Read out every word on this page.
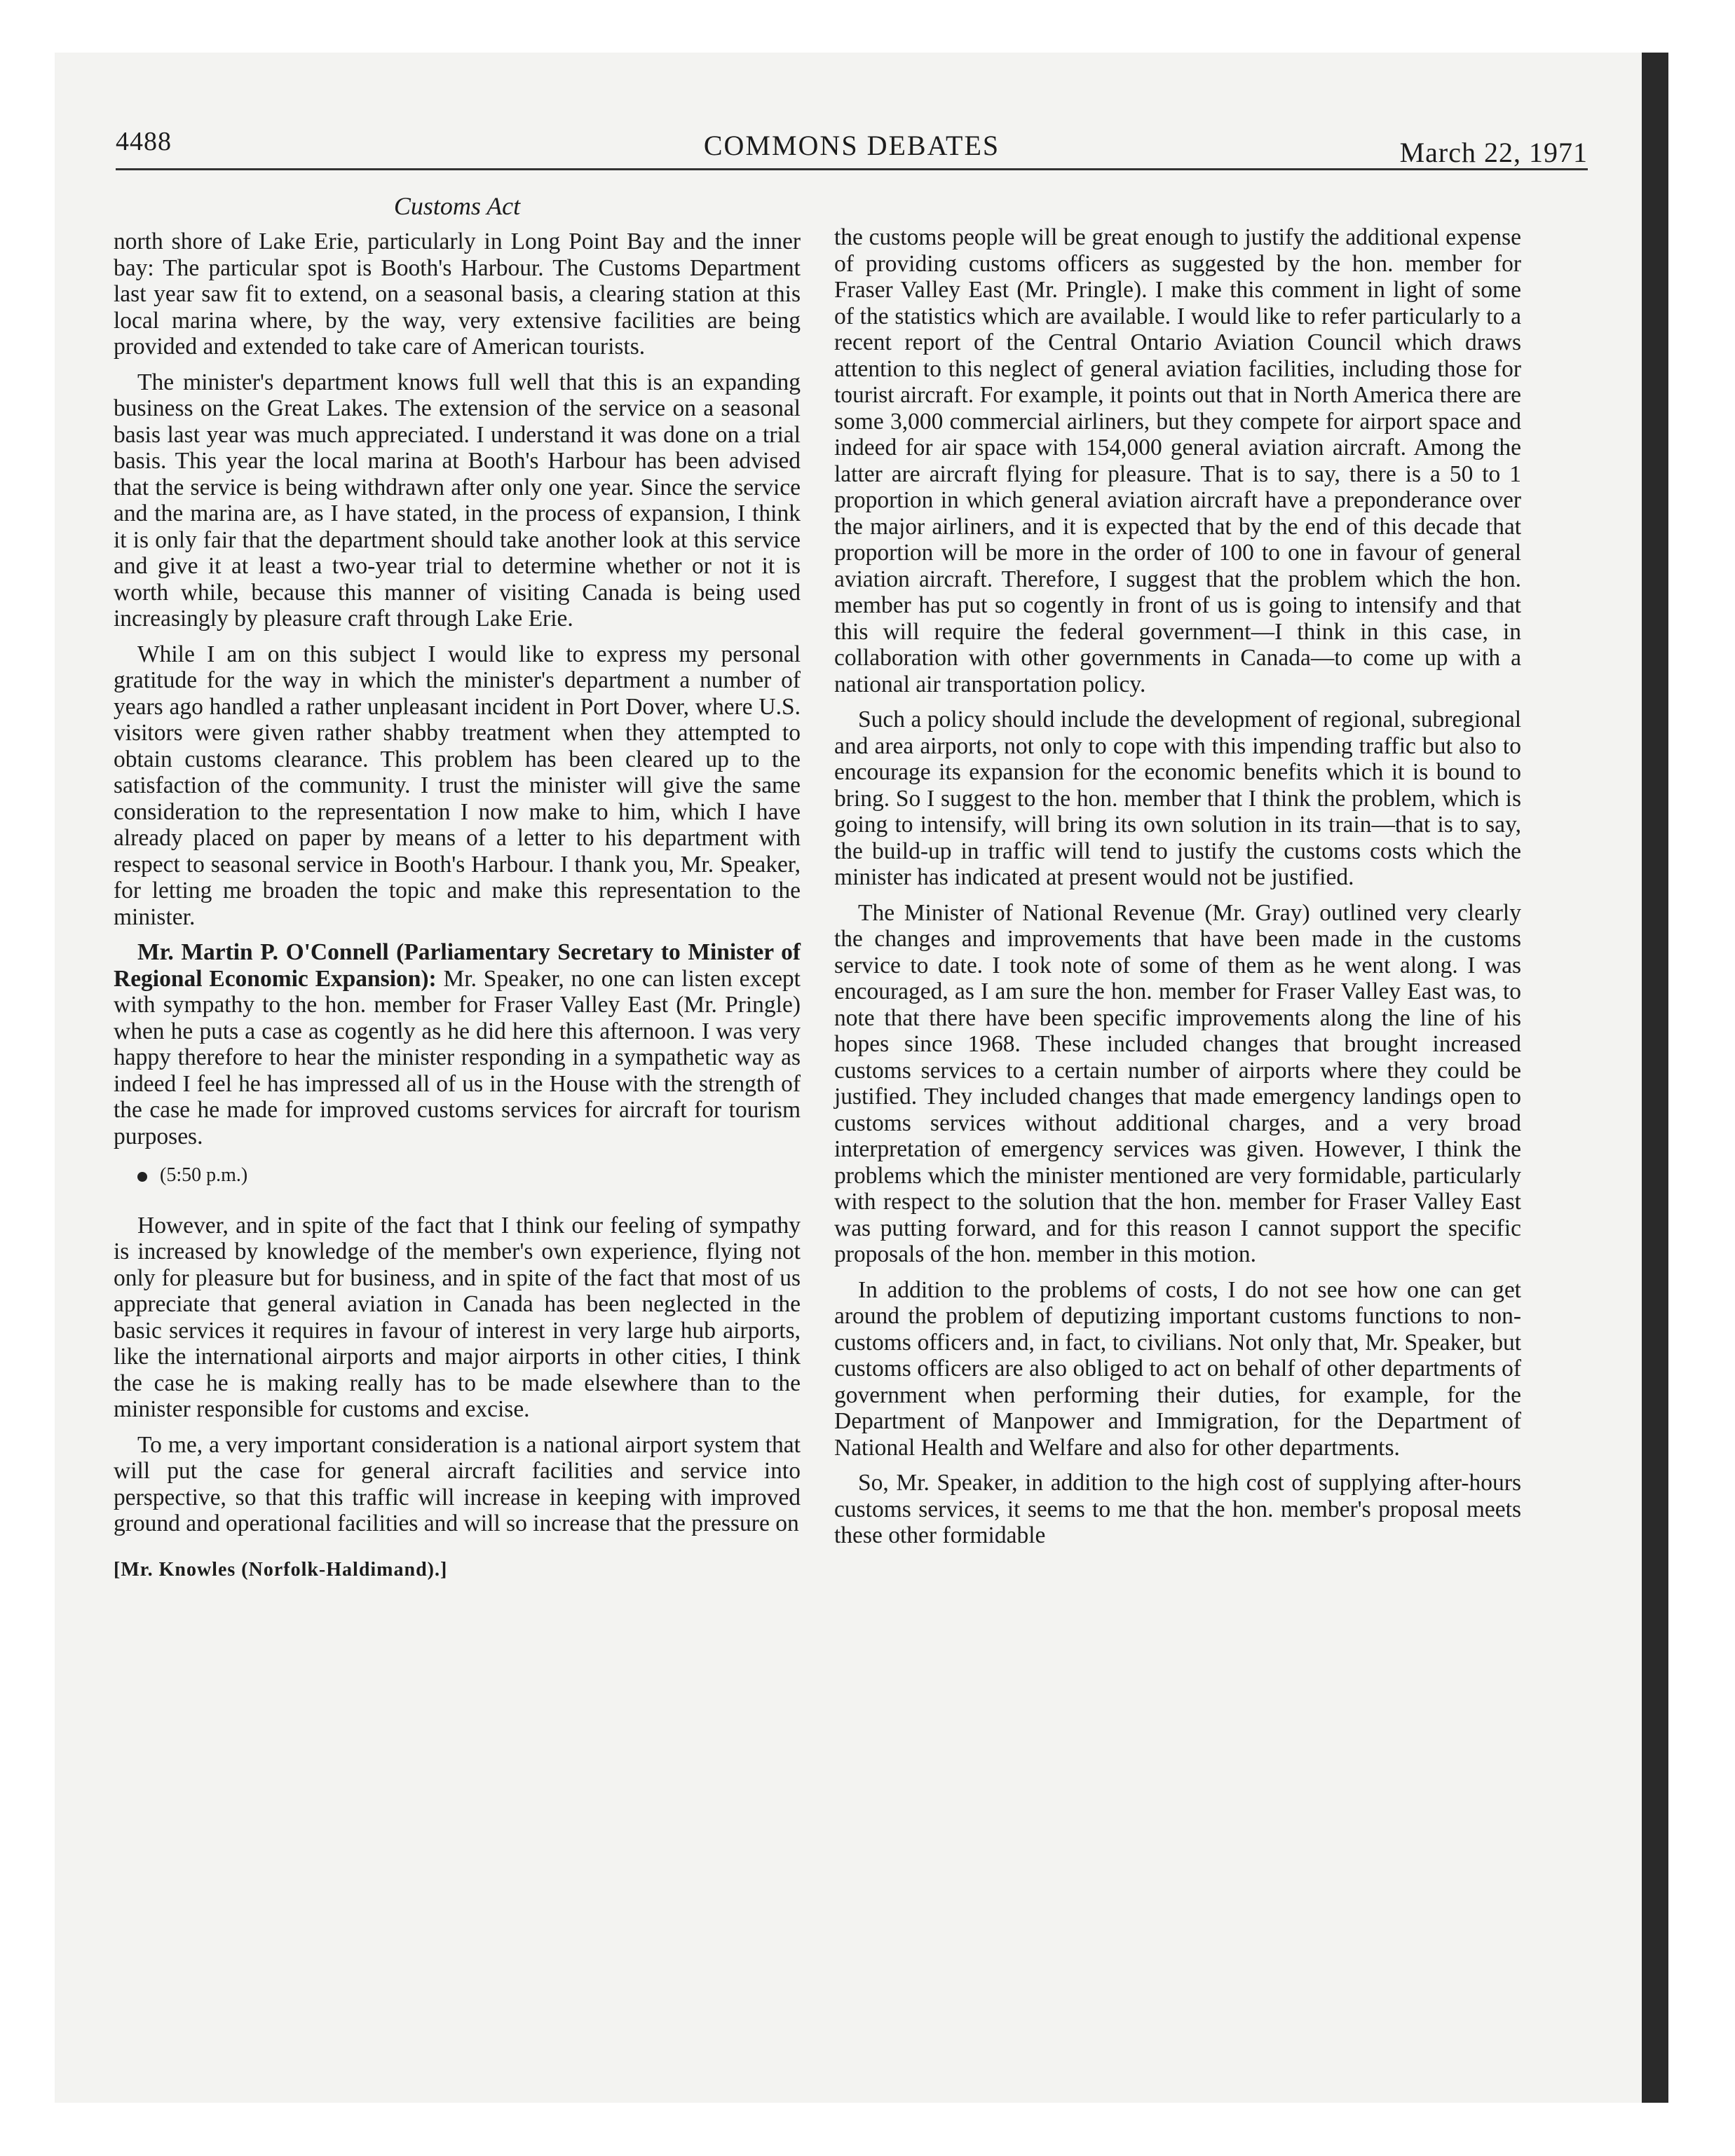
4488	COMMONS DEBATES	March 22, 1971
Customs Act

north shore of Lake Erie, particularly in Long Point Bay and the inner bay: The particular spot is Booth's Harbour. The Customs Department last year saw fit to extend, on a seasonal basis, a clearing station at this local marina where, by the way, very extensive facilities are being provided and extended to take care of American tourists.

The minister's department knows full well that this is an expanding business on the Great Lakes. The extension of the service on a seasonal basis last year was much appreciated. I understand it was done on a trial basis. This year the local marina at Booth's Harbour has been advised that the service is being withdrawn after only one year. Since the service and the marina are, as I have stated, in the process of expansion, I think it is only fair that the department should take another look at this service and give it at least a two-year trial to determine whether or not it is worth while, because this manner of visiting Canada is being used increasingly by pleasure craft through Lake Erie.

While I am on this subject I would like to express my personal gratitude for the way in which the minister's department a number of years ago handled a rather unpleasant incident in Port Dover, where U.S. visitors were given rather shabby treatment when they attempted to obtain customs clearance. This problem has been cleared up to the satisfaction of the community. I trust the minister will give the same consideration to the representation I now make to him, which I have already placed on paper by means of a letter to his department with respect to seasonal service in Booth's Harbour. I thank you, Mr. Speaker, for letting me broaden the topic and make this representation to the minister.

Mr. Martin P. O'Connell (Parliamentary Secretary to Minister of Regional Economic Expansion): Mr. Speaker, no one can listen except with sympathy to the hon. member for Fraser Valley East (Mr. Pringle) when he puts a case as cogently as he did here this afternoon. I was very happy therefore to hear the minister responding in a sympathetic way as indeed I feel he has impressed all of us in the House with the strength of the case he made for improved customs services for aircraft for tourism purposes.

(5:50 p.m.)

However, and in spite of the fact that I think our feeling of sympathy is increased by knowledge of the member's own experience, flying not only for pleasure but for business, and in spite of the fact that most of us appreciate that general aviation in Canada has been neglected in the basic services it requires in favour of interest in very large hub airports, like the international airports and major airports in other cities, I think the case he is making really has to be made elsewhere than to the minister responsible for customs and excise.

To me, a very important consideration is a national airport system that will put the case for general aircraft facilities and service into perspective, so that this traffic will increase in keeping with improved ground and operational facilities and will so increase that the pressure on

[Mr. Knowles (Norfolk-Haldimand).]

the customs people will be great enough to justify the additional expense of providing customs officers as suggested by the hon. member for Fraser Valley East (Mr. Pringle). I make this comment in light of some of the statistics which are available. I would like to refer particularly to a recent report of the Central Ontario Aviation Council which draws attention to this neglect of general aviation facilities, including those for tourist aircraft. For example, it points out that in North America there are some 3,000 commercial airliners, but they compete for airport space and indeed for air space with 154,000 general aviation aircraft. Among the latter are aircraft flying for pleasure. That is to say, there is a 50 to 1 proportion in which general aviation aircraft have a preponderance over the major airliners, and it is expected that by the end of this decade that proportion will be more in the order of 100 to one in favour of general aviation aircraft. Therefore, I suggest that the problem which the hon. member has put so cogently in front of us is going to intensify and that this will require the federal government—I think in this case, in collaboration with other governments in Canada—to come up with a national air transportation policy.

Such a policy should include the development of regional, subregional and area airports, not only to cope with this impending traffic but also to encourage its expansion for the economic benefits which it is bound to bring. So I suggest to the hon. member that I think the problem, which is going to intensify, will bring its own solution in its train—that is to say, the build-up in traffic will tend to justify the customs costs which the minister has indicated at present would not be justified.

The Minister of National Revenue (Mr. Gray) outlined very clearly the changes and improvements that have been made in the customs service to date. I took note of some of them as he went along. I was encouraged, as I am sure the hon. member for Fraser Valley East was, to note that there have been specific improvements along the line of his hopes since 1968. These included changes that brought increased customs services to a certain number of airports where they could be justified. They included changes that made emergency landings open to customs services without additional charges, and a very broad interpretation of emergency services was given. However, I think the problems which the minister mentioned are very formidable, particularly with respect to the solution that the hon. member for Fraser Valley East was putting forward, and for this reason I cannot support the specific proposals of the hon. member in this motion.

In addition to the problems of costs, I do not see how one can get around the problem of deputizing important customs functions to non-customs officers and, in fact, to civilians. Not only that, Mr. Speaker, but customs officers are also obliged to act on behalf of other departments of government when performing their duties, for example, for the Department of Manpower and Immigration, for the Department of National Health and Welfare and also for other departments.

So, Mr. Speaker, in addition to the high cost of supplying after-hours customs services, it seems to me that the hon. member's proposal meets these other formidable
